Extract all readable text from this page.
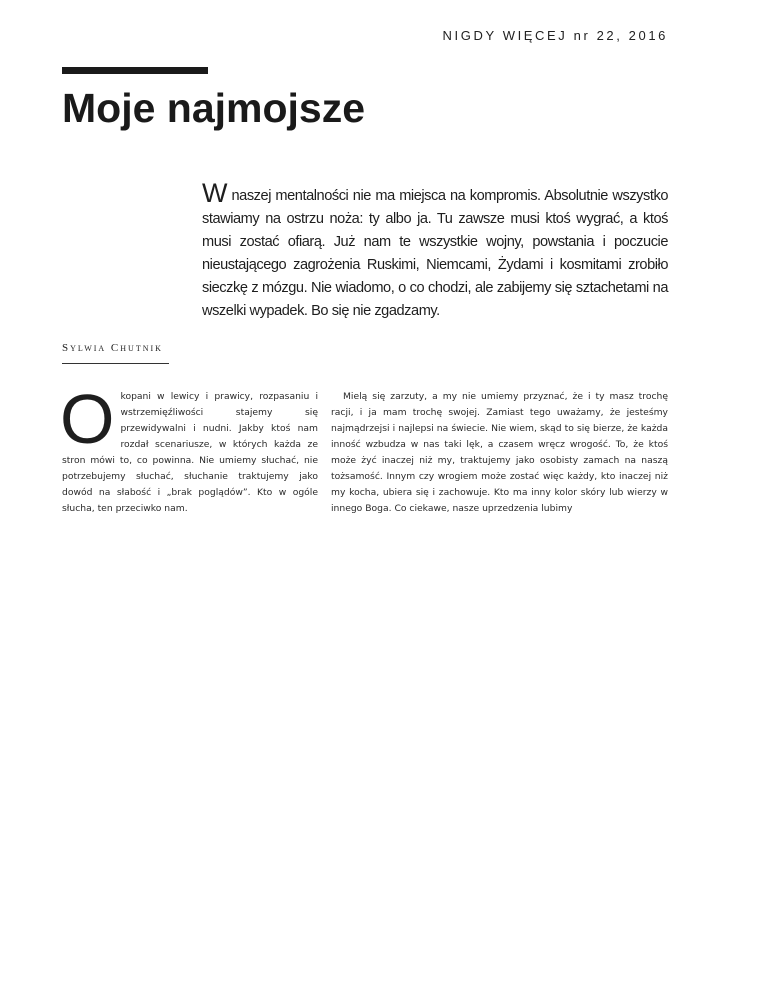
NIGDY WIĘCEJ nr 22, 2016
Moje najmojsze

W naszej mentalności nie ma miejsca na kompromis. Absolutnie wszystko stawiamy na ostrzu noża: ty albo ja. Tu zawsze musi ktoś wygrać, a ktoś musi zostać ofiarą. Już nam te wszystkie wojny, powstania i poczucie nieustającego zagrożenia Ruskimi, Niemcami, Żydami i kosmitami zrobiło sieczkę z mózgu. Nie wiadomo, o co chodzi, ale zabijemy się sztachetami na wszelki wypadek. Bo się nie zgadzamy.

Sylwia Chutnik

Okopani w lewicy i prawicy, rozpasaniu i wstrzemięźliwości stajemy się przewidywalni i nudni. Jakby ktoś nam rozdał scenariusze, w których każda ze stron mówi to, co powinna. Nie umiemy słuchać, nie potrzebujemy słuchać, słuchanie traktujemy jako dowód na słabość i „brak poglądów”. Kto w ogóle słucha, ten przeciwko nam.

Mielą się zarzuty, a my nie umiemy przyznać, że i ty masz trochę racji, i ja mam trochę swojej. Zamiast tego uważamy, że jesteśmy najmądrzejsi i najlepsi na świecie. Nie wiem, skąd to się bierze, że każda inność wzbudza w nas taki lęk, a czasem wręcz wrogość. To, że ktoś może żyć inaczej niż my, traktujemy jako osobisty zamach na naszą tożsamość. Innym czy wrogiem może zostać więc każdy, kto inaczej niż my kocha, ubiera się i zachowuje. Kto ma inny kolor skóry lub wierzy w innego Boga. Co ciekawe, nasze uprzedzenia lubimy
